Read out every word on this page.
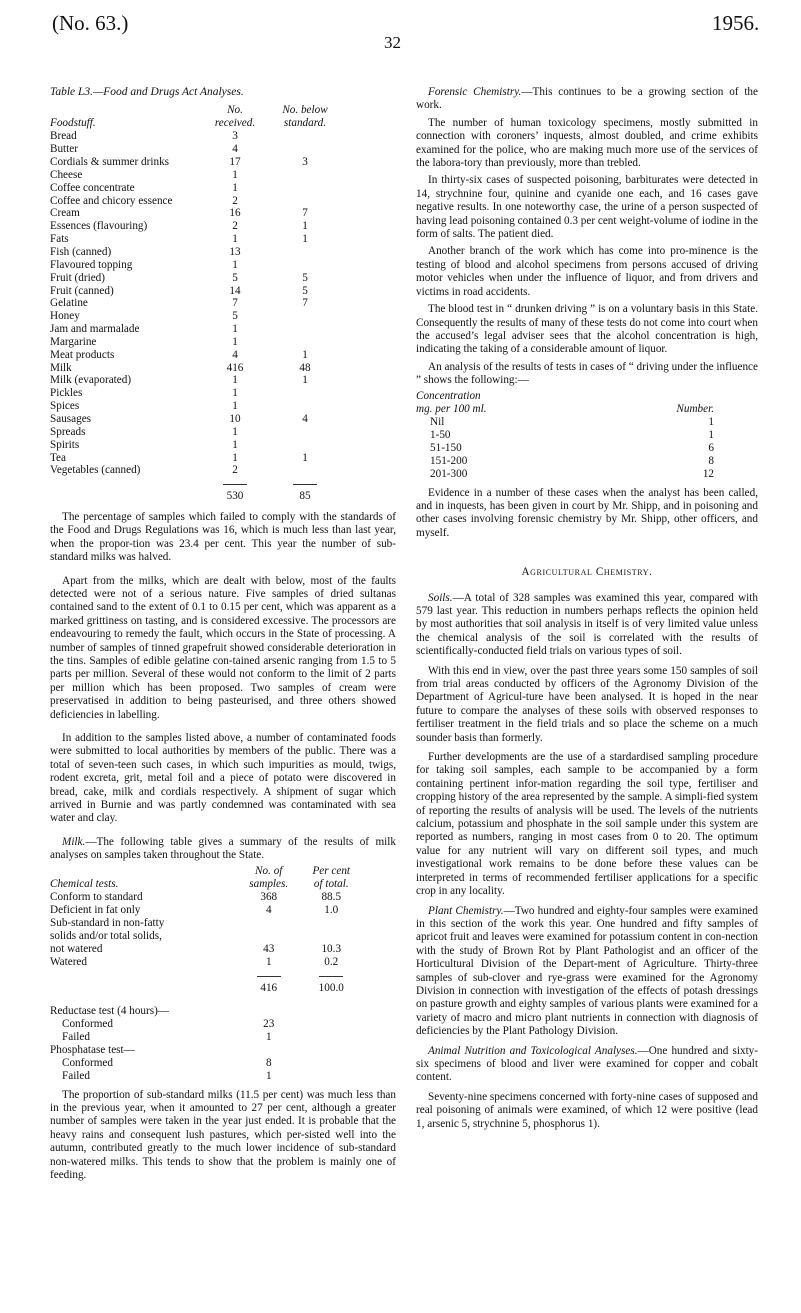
(No. 63.)	1956.
32
Table L3.—Food and Drugs Act Analyses.
	No.	No. below
Foodstuff.	received.	standard.
Bread	3	
Butter	4	
Cordials & summer drinks	17	3
Cheese	1	
Coffee concentrate	1	
Coffee and chicory essence	2	
Cream	16	7
Essences (flavouring)	2	1
Fats	1	1
Fish (canned)	13	
Flavoured topping	1	
Fruit (dried)	5	5
Fruit (canned)	14	5
Gelatine	7	7
Honey	5	
Jam and marmalade	1	
Margarine	1	
Meat products	4	1
Milk	416	48
Milk (evaporated)	1	1
Pickles	1	
Spices	1	
Sausages	10	4
Spreads	1	
Spirits	1	
Tea	1	1
Vegetables (canned)	2	

	530	85

The percentage of samples which failed to comply with the standards of the Food and Drugs Regulations was 16, which is much less than last year, when the propor-tion was 23.4 per cent. This year the number of sub-standard milks was halved.

Apart from the milks, which are dealt with below, most of the faults detected were not of a serious nature. Five samples of dried sultanas contained sand to the extent of 0.1 to 0.15 per cent, which was apparent as a marked grittiness on tasting, and is considered excessive. The processors are endeavouring to remedy the fault, which occurs in the State of processing. A number of samples of tinned grapefruit showed considerable deterioration in the tins. Samples of edible gelatine con-tained arsenic ranging from 1.5 to 5 parts per million. Several of these would not conform to the limit of 2 parts per million which has been proposed. Two samples of cream were preservatised in addition to being pasteurised, and three others showed deficiencies in labelling.

In addition to the samples listed above, a number of contaminated foods were submitted to local authorities by members of the public. There was a total of seven-teen such cases, in which such impurities as mould, twigs, rodent excreta, grit, metal foil and a piece of potato were discovered in bread, cake, milk and cordials respectively. A shipment of sugar which arrived in Burnie and was partly condemned was contaminated with sea water and clay.

Milk.—The following table gives a summary of the results of milk analyses on samples taken throughout the State.

	No. of	Per cent
Chemical tests.	samples.	of total.
Conform to standard	368	88.5
Deficient in fat only	4	1.0
Sub-standard in non-fatty		
solids and/or total solids,		
not watered	43	10.3
Watered	1	0.2

	416	100.0

Reductase test (4 hours)—		
Conformed	23	
Failed	1	
Phosphatase test—		
Conformed	8	
Failed	1	

The proportion of sub-standard milks (11.5 per cent) was much less than in the previous year, when it amounted to 27 per cent, although a greater number of samples were taken in the year just ended. It is probable that the heavy rains and consequent lush pastures, which per-sisted well into the autumn, contributed greatly to the much lower incidence of sub-standard non-watered milks. This tends to show that the problem is mainly one of feeding.

Forensic Chemistry.—This continues to be a growing section of the work.

The number of human toxicology specimens, mostly submitted in connection with coroners’ inquests, almost doubled, and crime exhibits examined for the police, who are making much more use of the services of the labora-tory than previously, more than trebled.

In thirty-six cases of suspected poisoning, barbiturates were detected in 14, strychnine four, quinine and cyanide one each, and 16 cases gave negative results. In one noteworthy case, the urine of a person suspected of having lead poisoning contained 0.3 per cent weight-volume of iodine in the form of salts. The patient died.

Another branch of the work which has come into pro-minence is the testing of blood and alcohol specimens from persons accused of driving motor vehicles when under the influence of liquor, and from drivers and victims in road accidents.

The blood test in “ drunken driving ” is on a voluntary basis in this State. Consequently the results of many of these tests do not come into court when the accused’s legal adviser sees that the alcohol concentration is high, indicating the taking of a considerable amount of liquor.

An analysis of the results of tests in cases of “ driving under the influence ” shows the following:—

Concentration	
mg. per 100 ml.	Number.
Nil	1
1-50	1
51-150	6
151-200	8
201-300	12

Evidence in a number of these cases when the analyst has been called, and in inquests, has been given in court by Mr. Shipp, and in poisoning and other cases involving forensic chemistry by Mr. Shipp, other officers, and myself.

Agricultural Chemistry.

Soils.—A total of 328 samples was examined this year, compared with 579 last year. This reduction in numbers perhaps reflects the opinion held by most authorities that soil analysis in itself is of very limited value unless the chemical analysis of the soil is correlated with the results of scientifically-conducted field trials on various types of soil.

With this end in view, over the past three years some 150 samples of soil from trial areas conducted by officers of the Agronomy Division of the Department of Agricul-ture have been analysed. It is hoped in the near future to compare the analyses of these soils with observed responses to fertiliser treatment in the field trials and so place the scheme on a much sounder basis than formerly.

Further developments are the use of a stardardised sampling procedure for taking soil samples, each sample to be accompanied by a form containing pertinent infor-mation regarding the soil type, fertiliser and cropping history of the area represented by the sample. A simpli-fied system of reporting the results of analysis will be used. The levels of the nutrients calcium, potassium and phosphate in the soil sample under this system are reported as numbers, ranging in most cases from 0 to 20. The optimum value for any nutrient will vary on different soil types, and much investigational work remains to be done before these values can be interpreted in terms of recommended fertiliser applications for a specific crop in any locality.

Plant Chemistry.—Two hundred and eighty-four samples were examined in this section of the work this year. One hundred and fifty samples of apricot fruit and leaves were examined for potassium content in con-nection with the study of Brown Rot by Plant Pathologist and an officer of the Horticultural Division of the Depart-ment of Agriculture. Thirty-three samples of sub-clover and rye-grass were examined for the Agronomy Division in connection with investigation of the effects of potash dressings on pasture growth and eighty samples of various plants were examined for a variety of macro and micro plant nutrients in connection with diagnosis of deficiencies by the Plant Pathology Division.

Animal Nutrition and Toxicological Analyses.—One hundred and sixty-six specimens of blood and liver were examined for copper and cobalt content.

Seventy-nine specimens concerned with forty-nine cases of supposed and real poisoning of animals were examined, of which 12 were positive (lead 1, arsenic 5, strychnine 5, phosphorus 1).
